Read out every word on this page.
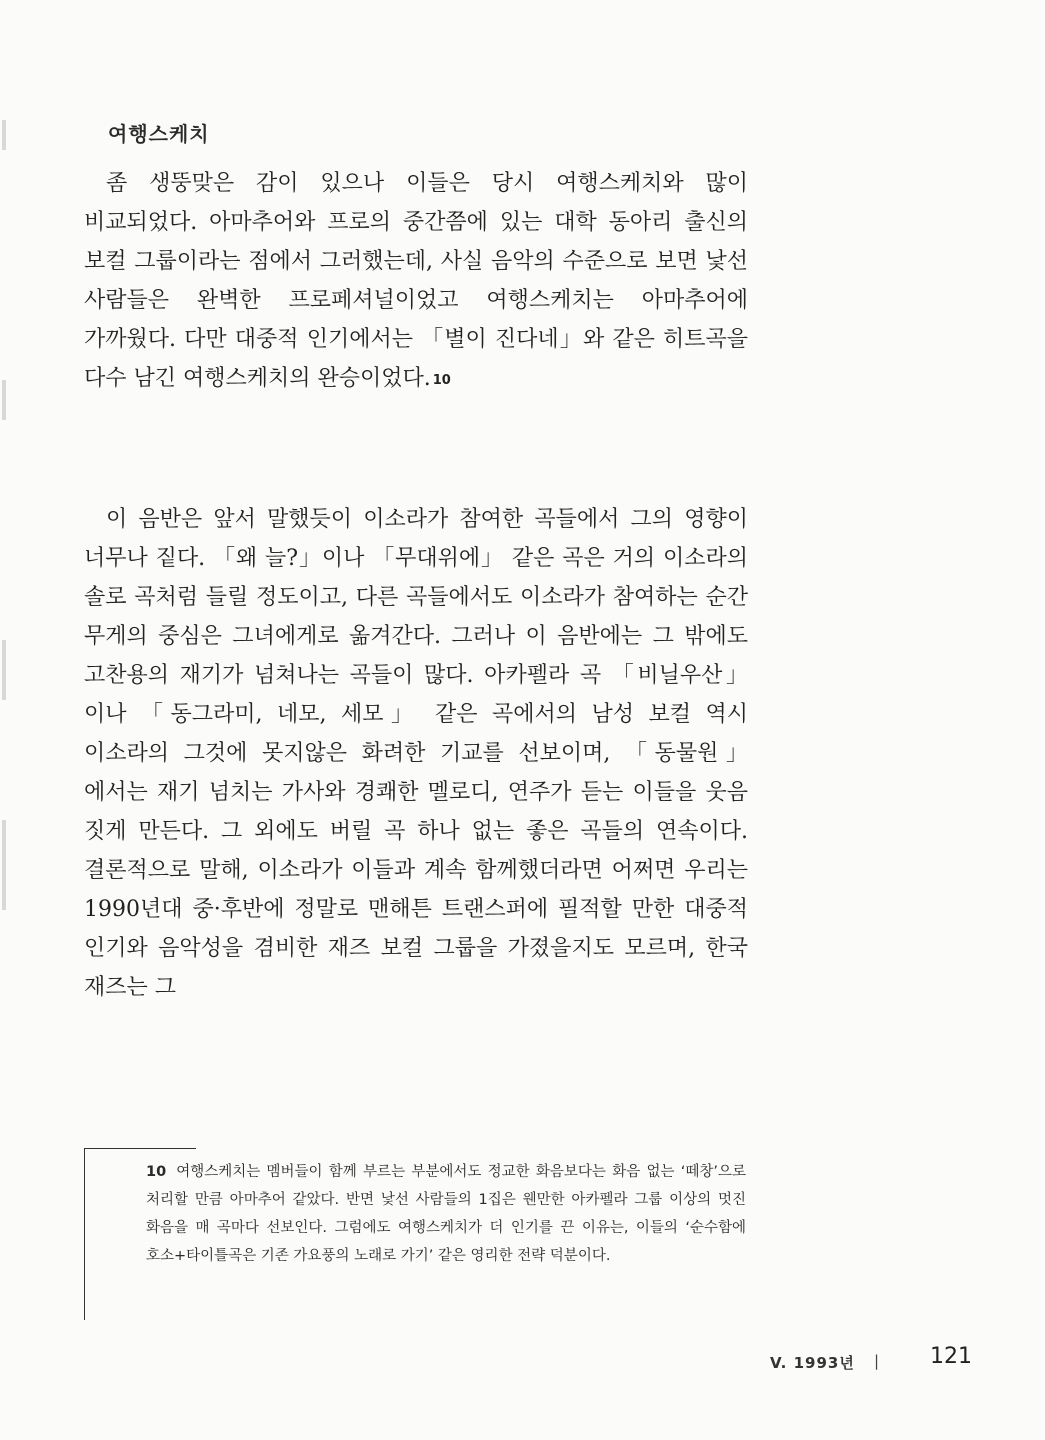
여행스케치

좀 생뚱맞은 감이 있으나 이들은 당시 여행스케치와 많이 비교되었다. 아마추어와 프로의 중간쯤에 있는 대학 동아리 출신의 보컬 그룹이라는 점에서 그러했는데, 사실 음악의 수준으로 보면 낯선 사람들은 완벽한 프로페셔널이었고 여행스케치는 아마추어에 가까웠다. 다만 대중적 인기에서는 「별이 진다네」와 같은 히트곡을 다수 남긴 여행스케치의 완승이었다. 10

이 음반은 앞서 말했듯이 이소라가 참여한 곡들에서 그의 영향이 너무나 짙다. 「왜 늘?」이나 「무대위에」 같은 곡은 거의 이소라의 솔로 곡처럼 들릴 정도이고, 다른 곡들에서도 이소라가 참여하는 순간 무게의 중심은 그녀에게로 옮겨간다. 그러나 이 음반에는 그 밖에도 고찬용의 재기가 넘쳐나는 곡들이 많다. 아카펠라 곡 「비닐우산」이나 「동그라미, 네모, 세모」 같은 곡에서의 남성 보컬 역시 이소라의 그것에 못지않은 화려한 기교를 선보이며, 「동물원」에서는 재기 넘치는 가사와 경쾌한 멜로디, 연주가 듣는 이들을 웃음 짓게 만든다. 그 외에도 버릴 곡 하나 없는 좋은 곡들의 연속이다. 결론적으로 말해, 이소라가 이들과 계속 함께했더라면 어쩌면 우리는 1990년대 중·후반에 정말로 맨해튼 트랜스퍼에 필적할 만한 대중적 인기와 음악성을 겸비한 재즈 보컬 그룹을 가졌을지도 모르며, 한국 재즈는 그

10 여행스케치는 멤버들이 함께 부르는 부분에서도 정교한 화음보다는 화음 없는 ‘떼창’으로 처리할 만큼 아마추어 같았다. 반면 낯선 사람들의 1집은 웬만한 아카펠라 그룹 이상의 멋진 화음을 매 곡마다 선보인다. 그럼에도 여행스케치가 더 인기를 끈 이유는, 이들의 ‘순수함에 호소+타이틀곡은 기존 가요풍의 노래로 가기’ 같은 영리한 전략 덕분이다.
V. 1993년 | 121
